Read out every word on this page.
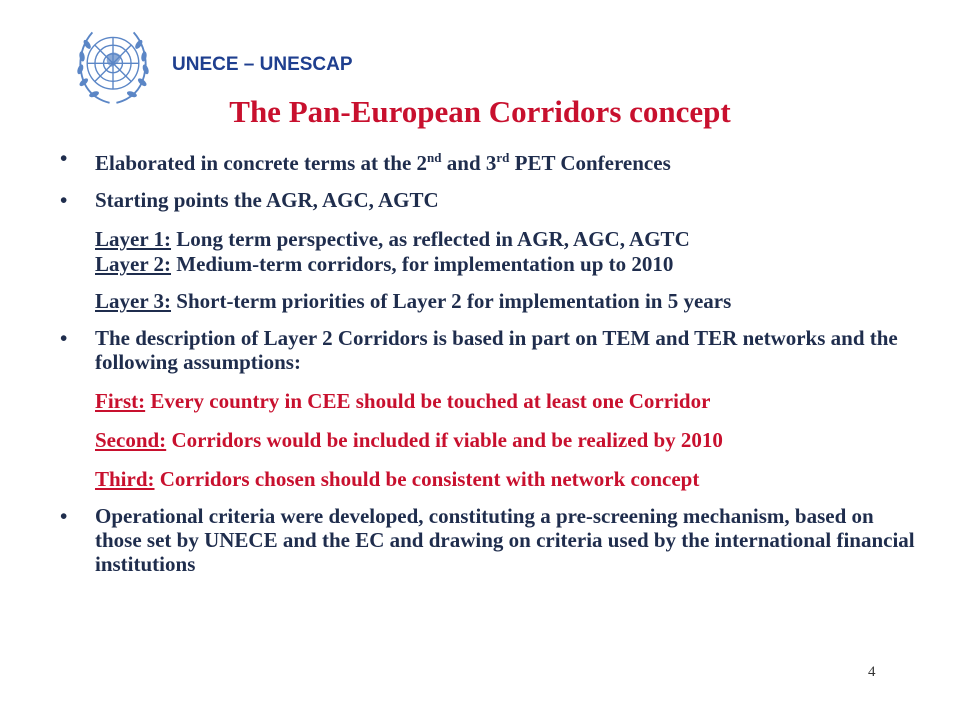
UNECE – UNESCAP
The Pan-European Corridors concept
• Elaborated in concrete terms at the 2nd and 3rd PET Conferences
• Starting points the AGR, AGC, AGTC
Layer 1: Long term perspective, as reflected in AGR, AGC, AGTC
Layer 2: Medium-term corridors, for implementation up to 2010
Layer 3: Short-term priorities of Layer 2 for implementation in 5 years
• The description of Layer 2 Corridors is based in part on TEM and TER networks and the following assumptions:
First: Every country in CEE should be touched at least one Corridor
Second: Corridors would be included if viable and be realized by 2010
Third: Corridors chosen should be consistent with network concept
• Operational criteria were developed, constituting a pre-screening mechanism, based on those set by UNECE and the EC and drawing on criteria used by the international financial institutions
4
